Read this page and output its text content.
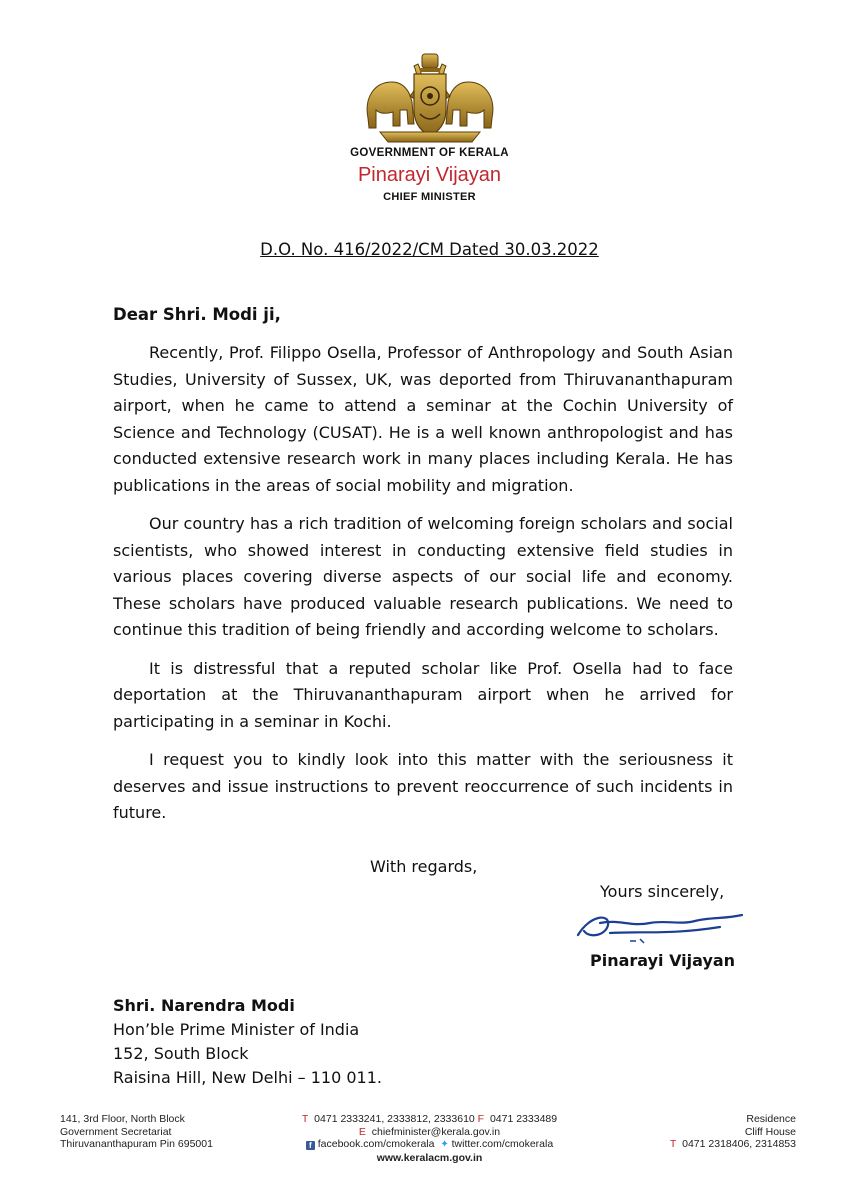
GOVERNMENT OF KERALA
Pinarayi Vijayan
CHIEF MINISTER
D.O. No. 416/2022/CM Dated 30.03.2022
Dear Shri. Modi ji,

Recently, Prof. Filippo Osella, Professor of Anthropology and South Asian Studies, University of Sussex, UK, was deported from Thiruvananthapuram airport, when he came to attend a seminar at the Cochin University of Science and Technology (CUSAT). He is a well known anthropologist and has conducted extensive research work in many places including Kerala. He has publications in the areas of social mobility and migration.

Our country has a rich tradition of welcoming foreign scholars and social scientists, who showed interest in conducting extensive field studies in various places covering diverse aspects of our social life and economy. These scholars have produced valuable research publications. We need to continue this tradition of being friendly and according welcome to scholars.

It is distressful that a reputed scholar like Prof. Osella had to face deportation at the Thiruvananthapuram airport when he arrived for participating in a seminar in Kochi.

I request you to kindly look into this matter with the seriousness it deserves and issue instructions to prevent reoccurrence of such incidents in future.

With regards,
Yours sincerely,
Pinarayi Vijayan
Shri. Narendra Modi
Hon’ble Prime Minister of India
152, South Block
Raisina Hill, New Delhi – 110 011.
141, 3rd Floor, North Block
Government Secretariat
Thiruvananthapuram Pin 695001
T 0471 2333241, 2333812, 2333610 F 0471 2333489
E chiefminister@kerala.gov.in
f facebook.com/cmokerala ✦ twitter.com/cmokerala
www.keralacm.gov.in
Residence
Cliff House
T 0471 2318406, 2314853
